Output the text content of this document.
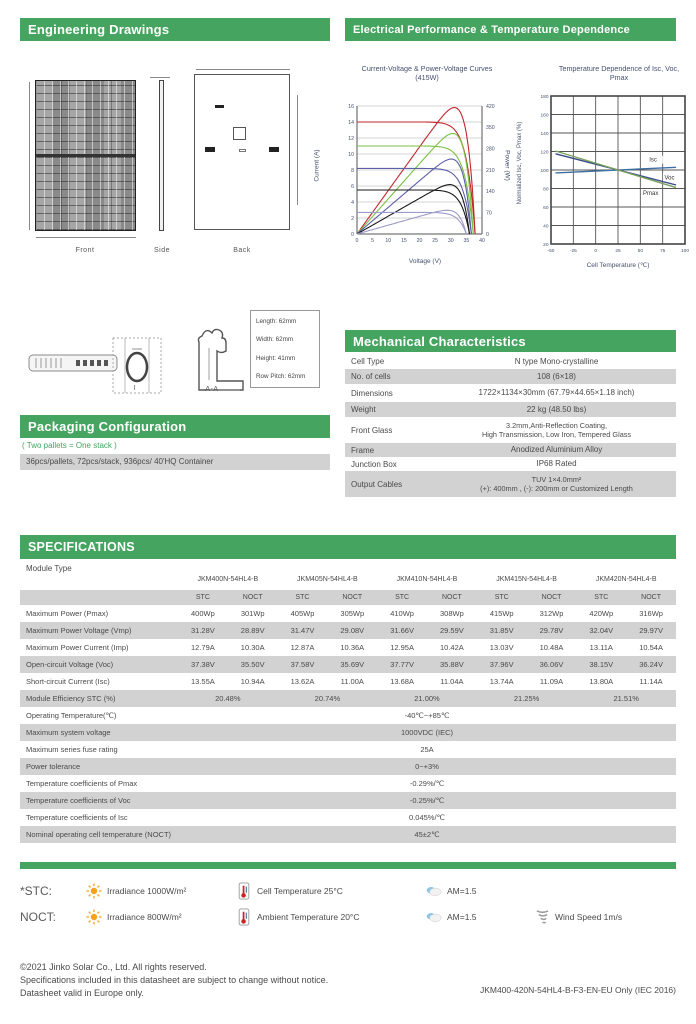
Engineering Drawings	Electrical Performance & Temperature Dependence
Front	Side	Back
Current-Voltage & Power-Voltage Curves (415W)
0
2
4
6
8
10
12
14
16
0
70
140
210
280
350
420
0 5 10 15 20 25 30 35 40
Voltage (V)
Current (A)	Power (W)
Temperature Dependence of Isc, Voc, Pmax
20
40
60
80
100
120
140
160
180
-50	-25	0	25	50	75	100
Isc
Voc
Pmax
Cell Temperature (℃)
Normalized Isc, Voc, Pmax (%)
I	A-A
Length: 62mm
Width: 62mm
Height: 41mm
Row Pitch: 62mm
Packaging Configuration
( Two pallets = One stack )
36pcs/pallets, 72pcs/stack, 936pcs/ 40'HQ Container
Mechanical Characteristics
Cell Type	N type Mono-crystalline
No. of cells	108 (6×18)
Dimensions	1722×1134×30mm (67.79×44.65×1.18 inch)
Weight	22 kg (48.50 lbs)
Front Glass
3.2mm,Anti-Reflection Coating,
High Transmission, Low Iron, Tempered Glass
Frame	Anodized Aluminium Alloy
Junction Box	IP68 Rated
Output Cables
TUV 1×4.0mm²
(+): 400mm , (-): 200mm or Customized Length
SPECIFICATIONS
Module Type
JKM400N-54HL4-B	JKM405N-54HL4-B	JKM410N-54HL4-B	JKM415N-54HL4-B	JKM420N-54HL4-B
STC	NOCT	STC	NOCT	STC	NOCT	STC	NOCT	STC	NOCT
Maximum Power (Pmax)	400Wp	301Wp	405Wp	305Wp	410Wp	308Wp	415Wp	312Wp	420Wp	316Wp
Maximum Power Voltage (Vmp)	31.28V	28.89V	31.47V	29.08V	31.66V	29.59V	31.85V	29.78V	32.04V	29.97V
Maximum Power Current (Imp)	12.79A	10.30A	12.87A	10.36A	12.95A	10.42A	13.03V	10.48A	13.11A	10.54A
Open-circuit Voltage (Voc)	37.38V	35.50V	37.58V	35.69V	37.77V	35.88V	37.96V	36.06V	38.15V	36.24V
Short-circuit Current (Isc)	13.55A	10.94A	13.62A	11.00A	13.68A	11.04A	13.74A	11.09A	13.80A	11.14A
Module Efficiency STC (%)	20.48%	20.74%	21.00%	21.25%	21.51%
Operating Temperature(℃)	-40℃~+85℃
Maximum system voltage	1000VDC (IEC)
Maximum series fuse rating	25A
Power tolerance	0~+3%
Temperature coefficients of Pmax	-0.29%/℃
Temperature coefficients of Voc	-0.25%/℃
Temperature coefficients of Isc	0.045%/℃
Nominal operating cell temperature (NOCT)	45±2℃
*STC:	Irradiance 1000W/m²	Cell Temperature 25°C	AM=1.5
NOCT:	Irradiance 800W/m²	Ambient Temperature 20°C	AM=1.5	Wind Speed 1m/s
©2021 Jinko Solar Co., Ltd. All rights reserved.
Specifications included in this datasheet are subject to change without notice.
Datasheet valid in Europe only.	JKM400-420N-54HL4-B-F3-EN-EU Only (IEC 2016)
